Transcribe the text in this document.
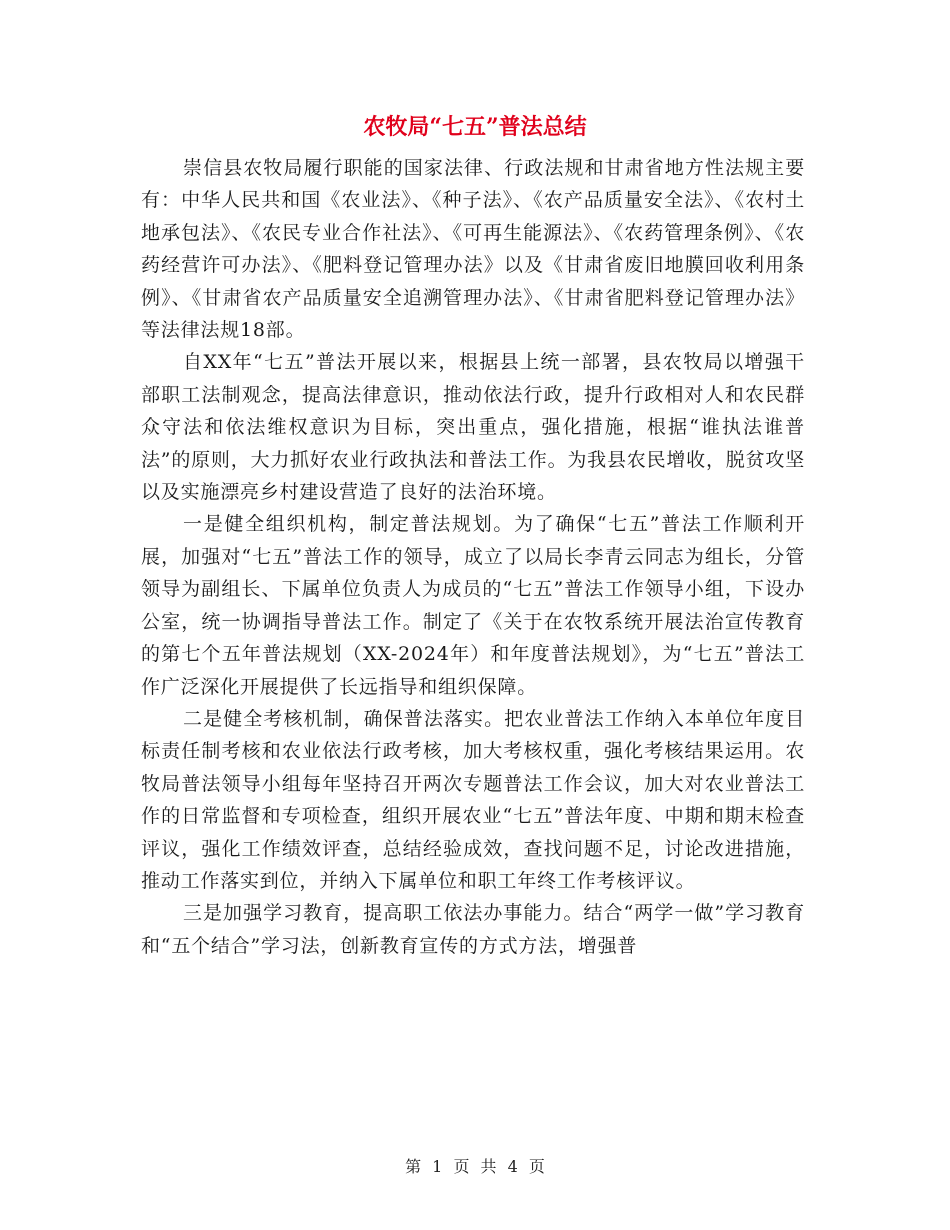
农牧局“七五”普法总结

崇信县农牧局履行职能的国家法律、行政法规和甘肃省地方性法规主要有：中华人民共和国《农业法》、《种子法》、《农产品质量安全法》、《农村土地承包法》、《农民专业合作社法》、《可再生能源法》、《农药管理条例》、《农药经营许可办法》、《肥料登记管理办法》以及《甘肃省废旧地膜回收利用条例》、《甘肃省农产品质量安全追溯管理办法》、《甘肃省肥料登记管理办法》等法律法规18部。

自XX年“七五”普法开展以来，根据县上统一部署，县农牧局以增强干部职工法制观念，提高法律意识，推动依法行政，提升行政相对人和农民群众守法和依法维权意识为目标，突出重点，强化措施，根据“谁执法谁普法”的原则，大力抓好农业行政执法和普法工作。为我县农民增收，脱贫攻坚以及实施漂亮乡村建设营造了良好的法治环境。

一是健全组织机构，制定普法规划。为了确保“七五”普法工作顺利开展，加强对“七五”普法工作的领导，成立了以局长李青云同志为组长，分管领导为副组长、下属单位负责人为成员的“七五”普法工作领导小组，下设办公室，统一协调指导普法工作。制定了《关于在农牧系统开展法治宣传教育的第七个五年普法规划（XX-2024年）和年度普法规划》，为“七五”普法工作广泛深化开展提供了长远指导和组织保障。

二是健全考核机制，确保普法落实。把农业普法工作纳入本单位年度目标责任制考核和农业依法行政考核，加大考核权重，强化考核结果运用。农牧局普法领导小组每年坚持召开两次专题普法工作会议，加大对农业普法工作的日常监督和专项检查，组织开展农业“七五”普法年度、中期和期末检查评议，强化工作绩效评查，总结经验成效，查找问题不足，讨论改进措施，推动工作落实到位，并纳入下属单位和职工年终工作考核评议。

三是加强学习教育，提高职工依法办事能力。结合“两学一做”学习教育和“五个结合”学习法，创新教育宣传的方式方法，增强普

第 1 页 共 4 页
